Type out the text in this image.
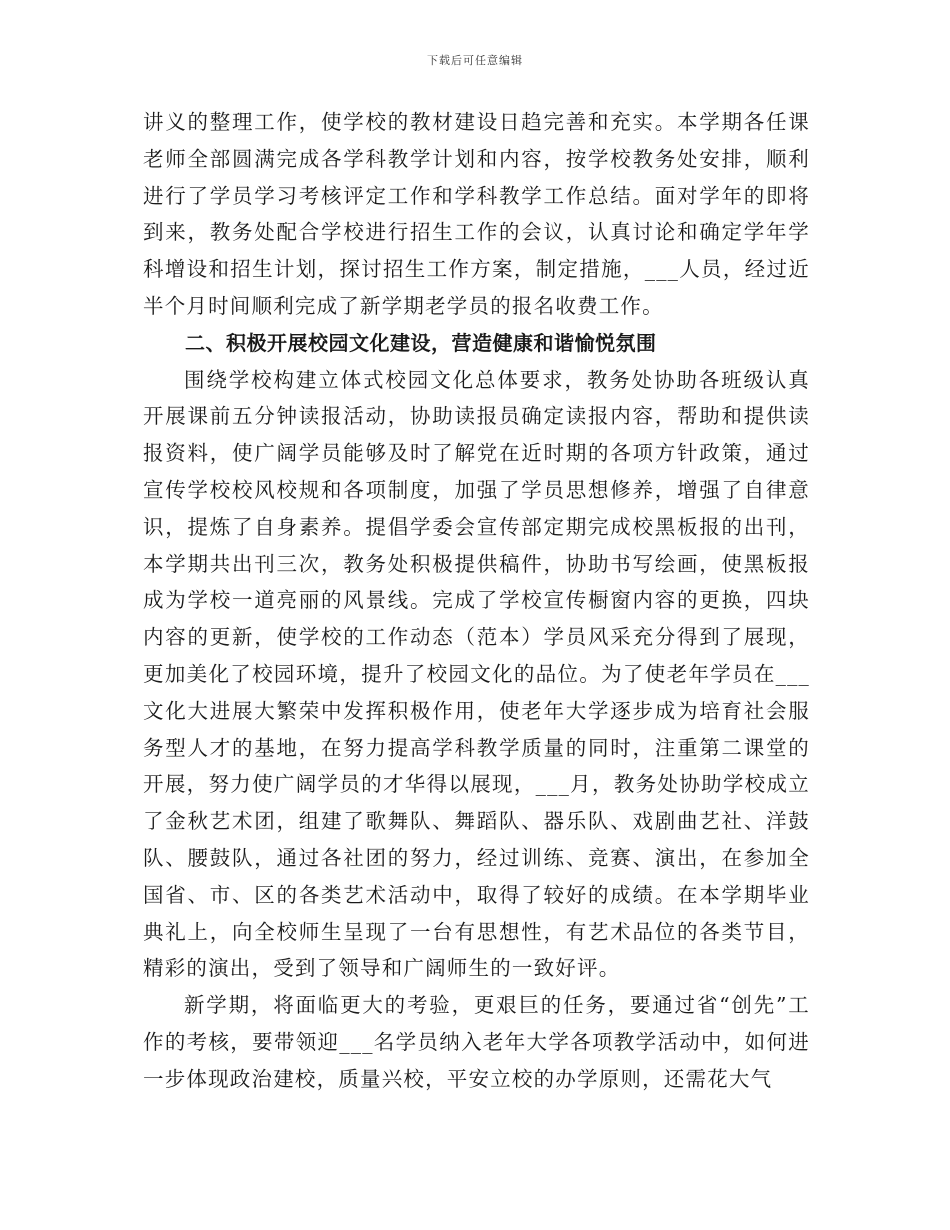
下载后可任意编辑

讲义的整理工作，使学校的教材建设日趋完善和充实。本学期各任课老师全部圆满完成各学科教学计划和内容，按学校教务处安排，顺利进行了学员学习考核评定工作和学科教学工作总结。面对学年的即将到来，教务处配合学校进行招生工作的会议，认真讨论和确定学年学科增设和招生计划，探讨招生工作方案，制定措施，___人员，经过近半个月时间顺利完成了新学期老学员的报名收费工作。

二、积极开展校园文化建设，营造健康和谐愉悦氛围

围绕学校构建立体式校园文化总体要求，教务处协助各班级认真开展课前五分钟读报活动，协助读报员确定读报内容，帮助和提供读报资料，使广阔学员能够及时了解党在近时期的各项方针政策，通过宣传学校校风校规和各项制度，加强了学员思想修养，增强了自律意识，提炼了自身素养。提倡学委会宣传部定期完成校黑板报的出刊，本学期共出刊三次，教务处积极提供稿件，协助书写绘画，使黑板报成为学校一道亮丽的风景线。完成了学校宣传橱窗内容的更换，四块内容的更新，使学校的工作动态（范本）学员风采充分得到了展现，更加美化了校园环境，提升了校园文化的品位。为了使老年学员在___文化大进展大繁荣中发挥积极作用，使老年大学逐步成为培育社会服务型人才的基地，在努力提高学科教学质量的同时，注重第二课堂的开展，努力使广阔学员的才华得以展现，___月，教务处协助学校成立了金秋艺术团，组建了歌舞队、舞蹈队、器乐队、戏剧曲艺社、洋鼓队、腰鼓队，通过各社团的努力，经过训练、竞赛、演出，在参加全国省、市、区的各类艺术活动中，取得了较好的成绩。在本学期毕业典礼上，向全校师生呈现了一台有思想性，有艺术品位的各类节目，精彩的演出，受到了领导和广阔师生的一致好评。

新学期，将面临更大的考验，更艰巨的任务，要通过省“创先”工作的考核，要带领迎___名学员纳入老年大学各项教学活动中，如何进一步体现政治建校，质量兴校，平安立校的办学原则，还需花大气
